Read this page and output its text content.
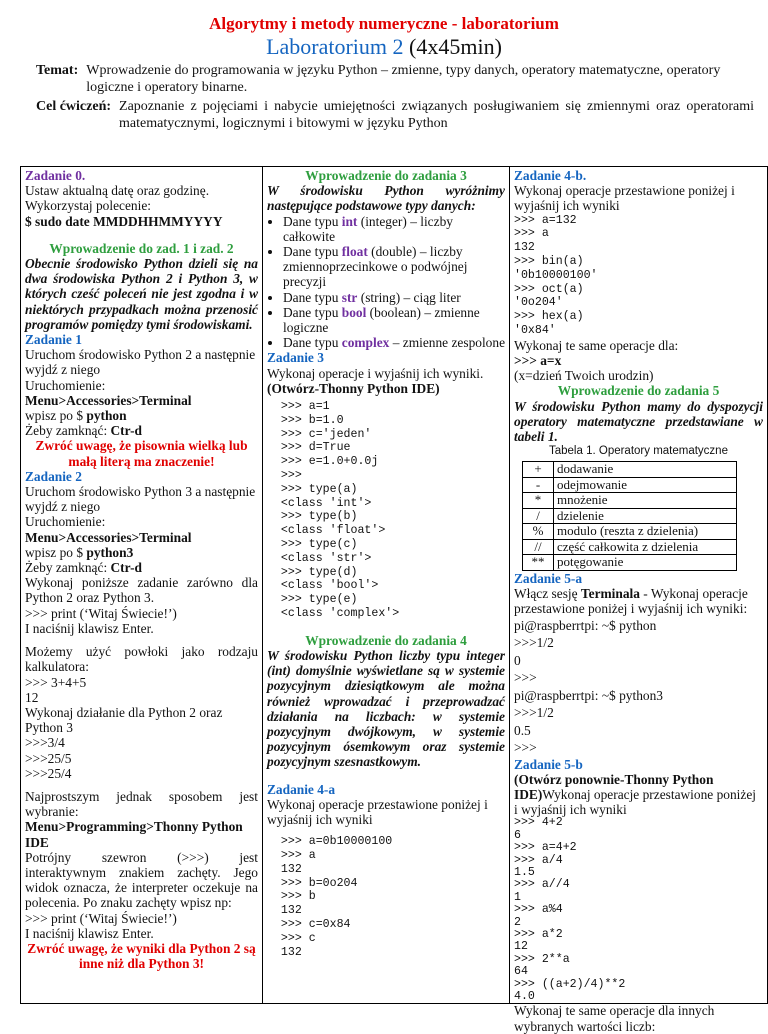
Algorytmy i metody numeryczne - laboratorium
Laboratorium 2 (4x45min)
Temat: Wprowadzenie do programowania w języku Python – zmienne, typy danych, operatory matematyczne, operatory logiczne i operatory binarne.
Cel ćwiczeń: Zapoznanie z pojęciami i nabycie umiejętności związanych posługiwaniem się zmiennymi oraz operatorami matematycznymi, logicznymi i bitowymi w języku Python
Zadanie 0.
Ustaw aktualną datę oraz godzinę. Wykorzystaj polecenie:
$ sudo date MMDDHHMMYYYY
Wprowadzenie do zad. 1 i zad. 2
Obecnie środowisko Python dzieli się na dwa środowiska Python 2 i Python 3, w których cześć poleceń nie jest zgodna i w niektórych przypadkach można przenosić programów pomiędzy tymi środowiskami.
Zadanie 1
Uruchom środowisko Python 2 a następnie wyjdź z niego
Uruchomienie:
Menu>Accessories>Terminal
wpisz po $ python
Żeby zamknąć: Ctr-d
Zwróć uwagę, że pisownia wielką lub małą literą ma znaczenie!
Zadanie 2
Uruchom środowisko Python 3 a następnie wyjdź z niego
Uruchomienie:
Menu>Accessories>Terminal
wpisz po $ python3
Żeby zamknąć: Ctr-d
Wykonaj poniższe zadanie zarówno dla Python 2 oraz Python 3.
>>> print (‘Witaj Świecie!’)
I naciśnij klawisz Enter.
Możemy użyć powłoki jako rodzaju kalkulatora:
>>> 3+4+5
12
Wykonaj działanie dla Python 2 oraz Python 3
>>>3/4
>>>25/5
>>>25/4
Najprostszym jednak sposobem jest wybranie:
Menu>Programming>Thonny Python IDE
Potrójny szewron (>>>) jest interaktywnym znakiem zachęty. Jego widok oznacza, że interpreter oczekuje na polecenia. Po znaku zachęty wpisz np:
>>> print (‘Witaj Świecie!’)
I naciśnij klawisz Enter.
Zwróć uwagę, że wyniki dla Python 2 są inne niż dla Python 3!
Wprowadzenie do zadania 3
W środowisku Python wyróżnimy następujące podstawowe typy danych:
• Dane typu int (integer) – liczby całkowite
• Dane typu float (double) – liczby zmiennoprzecinkowe o podwójnej precyzji
• Dane typu str (string) – ciąg liter
• Dane typu bool (boolean) – zmienne logiczne
• Dane typu complex – zmienne zespolone
Zadanie 3
Wykonaj operacje i wyjaśnij ich wyniki. (Otwórz-Thonny Python IDE)
>>> a=1
>>> b=1.0
>>> c='jeden'
>>> d=True
>>> e=1.0+0.0j
>>>
>>> type(a)
<class 'int'>
>>> type(b)
<class 'float'>
>>> type(c)
<class 'str'>
>>> type(d)
<class 'bool'>
>>> type(e)
<class 'complex'>
Wprowadzenie do zadania 4
W środowisku Python liczby typu integer (int) domyślnie wyświetlane są w systemie pozycyjnym dziesiątkowym ale można również wprowadzać i przeprowadzać działania na liczbach: w systemie pozycyjnym dwójkowym, w systemie pozycyjnym ósemkowym oraz systemie pozycyjnym szesnastkowym.
Zadanie 4-a
Wykonaj operacje przestawione poniżej i wyjaśnij ich wyniki
>>> a=0b10000100
>>> a
132
>>> b=0o204
>>> b
132
>>> c=0x84
>>> c
132
Zadanie 4-b.
Wykonaj operacje przestawione poniżej i wyjaśnij ich wyniki
>>> a=132
>>> a
132
>>> bin(a)
'0b10000100'
>>> oct(a)
'0o204'
>>> hex(a)
'0x84'
Wykonaj te same operacje dla:
>>> a=x
(x=dzień Twoich urodzin)
Wprowadzenie do zadania 5
W środowisku Python mamy do dyspozycji operatory matematyczne przedstawiane w tabeli 1.
Tabela 1. Operatory matematyczne
+	dodawanie
-	odejmowanie
*	mnożenie
/	dzielenie
%	modulo (reszta z dzielenia)
//	część całkowita z dzielenia
**	potęgowanie
Zadanie 5-a
Włącz sesję Terminala - Wykonaj operacje przestawione poniżej i wyjaśnij ich wyniki:
pi@raspberrtpi: ~$ python
>>>1/2
0
>>>
pi@raspberrtpi: ~$ python3
>>>1/2
0.5
>>>
Zadanie 5-b
(Otwórz ponownie-Thonny Python IDE)Wykonaj operacje przestawione poniżej i wyjaśnij ich wyniki
>>> 4+2
6
>>> a=4+2
>>> a/4
1.5
>>> a//4
1
>>> a%4
2
>>> a*2
12
>>> 2**a
64
>>> ((a+2)/4)**2
4.0
Wykonaj te same operacje dla innych wybranych wartości liczb:
